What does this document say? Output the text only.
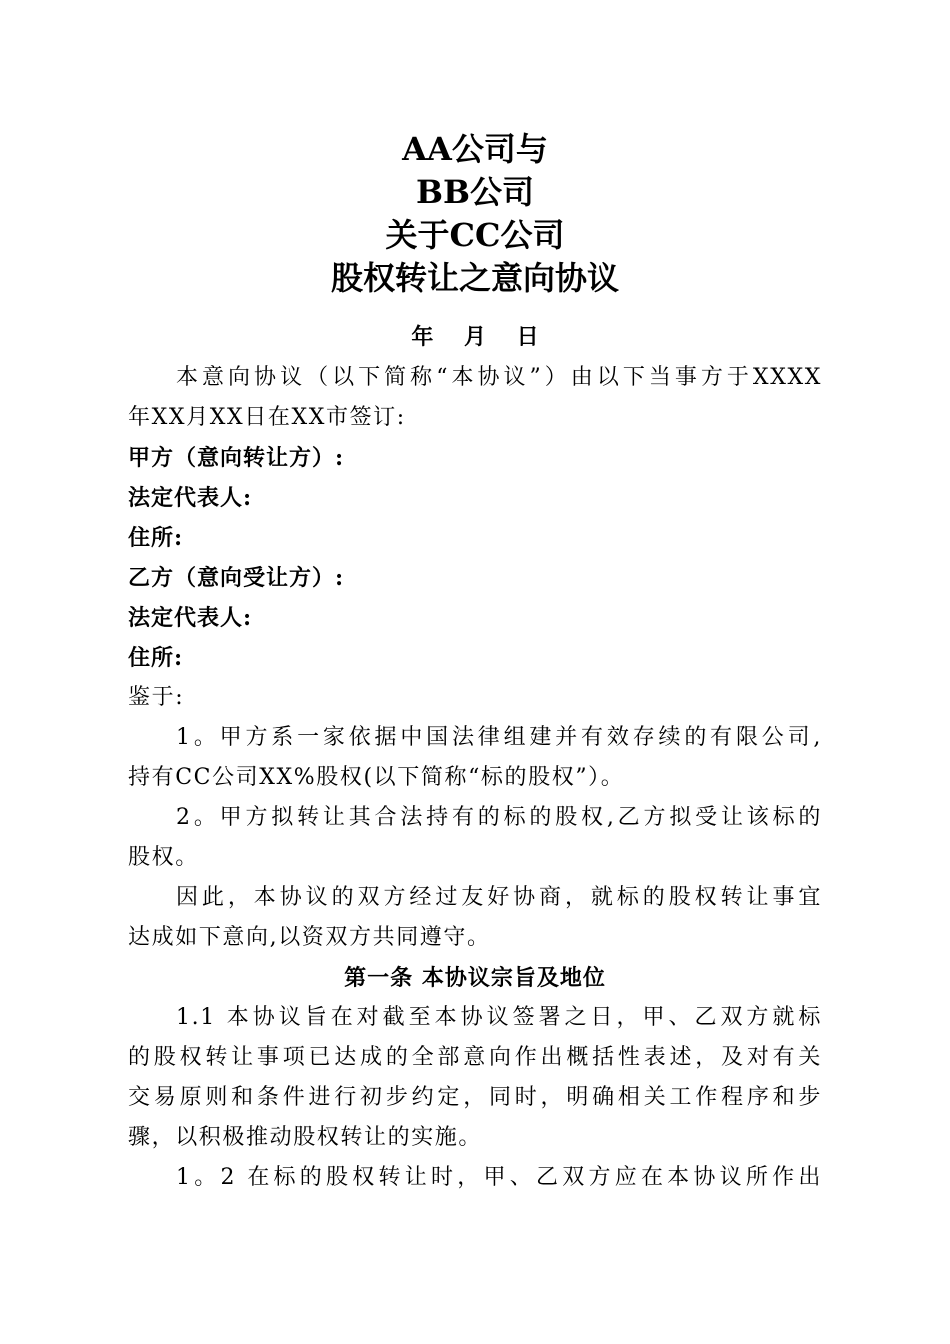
AA公司与
BB公司
关于CC公司
股权转让之意向协议
年    月    日
本意向协议（以下简称“本协议”）由以下当事方于XXXX
年XX月XX日在XX市签订:
甲方（意向转让方）:
法定代表人:
住所:
乙方（意向受让方）:
法定代表人:
住所:
鉴于:
1。甲方系一家依据中国法律组建并有效存续的有限公司,
持有CC公司XX%股权(以下简称“标的股权”）。
2。甲方拟转让其合法持有的标的股权,乙方拟受让该标的
股权。
因此，本协议的双方经过友好协商，就标的股权转让事宜
达成如下意向,以资双方共同遵守。
第一条 本协议宗旨及地位
1.1 本协议旨在对截至本协议签署之日，甲、乙双方就标
的股权转让事项已达成的全部意向作出概括性表述，及对有关
交易原则和条件进行初步约定，同时，明确相关工作程序和步
骤，以积极推动股权转让的实施。
1。2 在标的股权转让时，甲、乙双方应在本协议所作出
